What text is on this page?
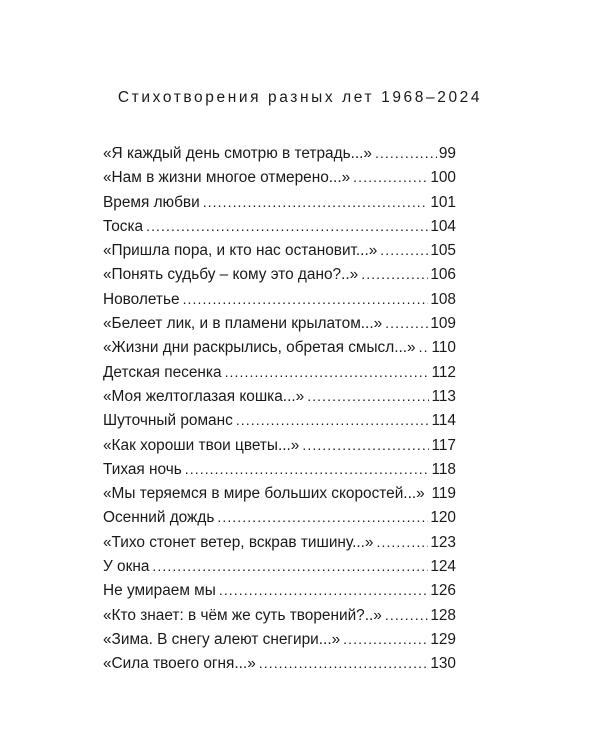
Стихотворения разных лет 1968–2024
«Я каждый день смотрю в тетрадь...» . . .	99
«Нам в жизни многое отмерено...» . . .	100
Время любви . . .	101
Тоска . . .	104
«Пришла пора, и кто нас остановит...» . . .	105
«Понять судьбу – кому это дано?..» . . .	106
Новолетье . . .	108
«Белеет лик, и в пламени крылатом...» . . .	109
«Жизни дни раскрылись, обретая смысл...» . . . 110
Детская песенка . . .	112
«Моя желтоглазая кошка...» . . .	113
Шуточный романс . . .	114
«Как хороши твои цветы...» . . .	117
Тихая ночь . . .	118
«Мы теряемся в мире больших скоростей...» . . . 119
Осенний дождь . . .	120
«Тихо стонет ветер, вскрав тишину...» . . .	123
У окна . . .	124
Не умираем мы . . .	126
«Кто знает: в чём же суть творений?..» . . .	128
«Зима. В снегу алеют снегири...» . . .	129
«Сила твоего огня...» . . .	130
